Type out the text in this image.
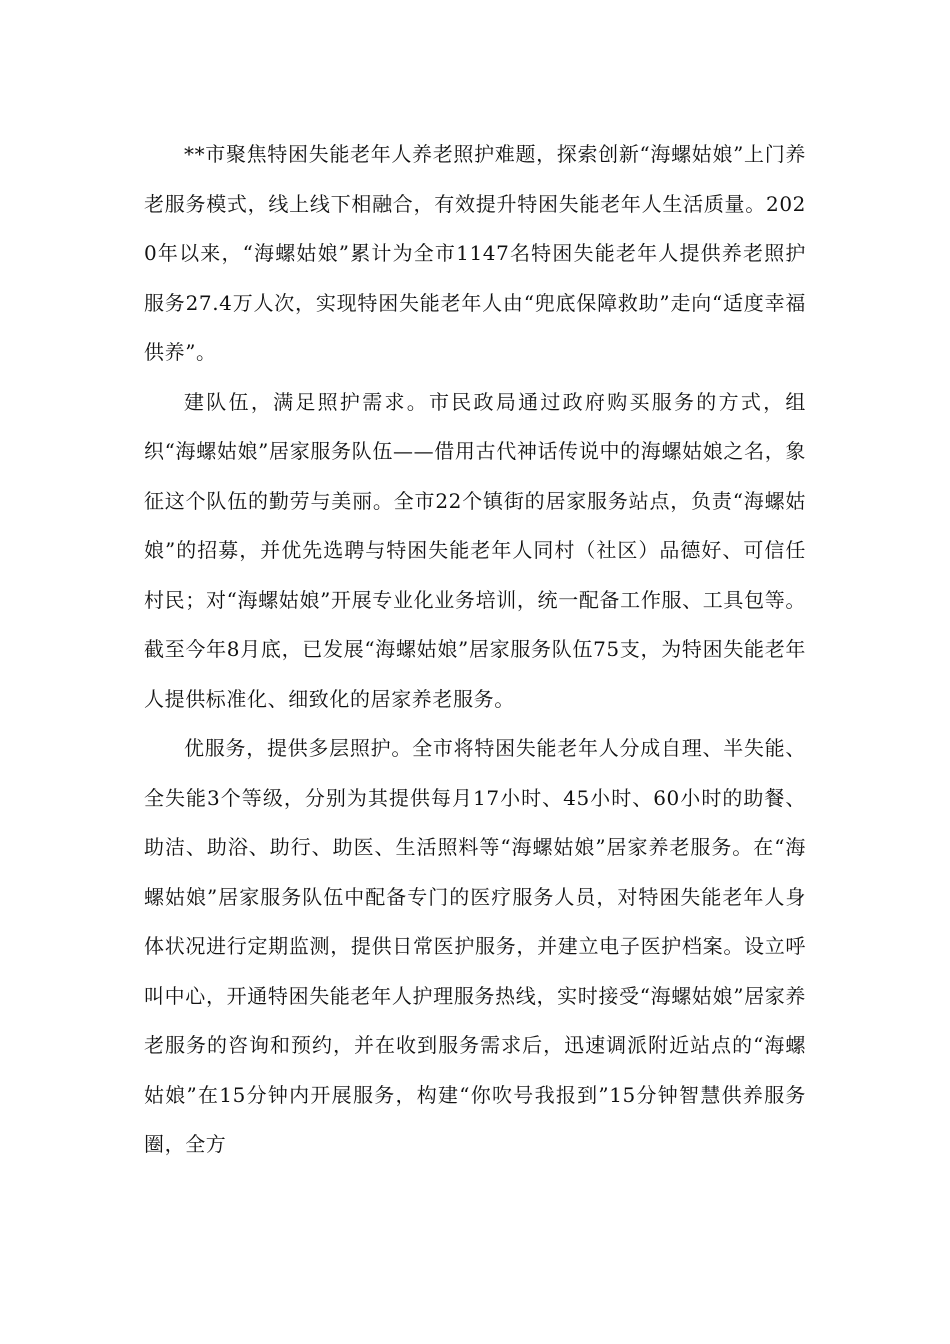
**市聚焦特困失能老年人养老照护难题，探索创新“海螺姑娘”上门养老服务模式，线上线下相融合，有效提升特困失能老年人生活质量。2020年以来，“海螺姑娘”累计为全市1147名特困失能老年人提供养老照护服务27.4万人次，实现特困失能老年人由“兜底保障救助”走向“适度幸福供养”。

建队伍，满足照护需求。市民政局通过政府购买服务的方式，组织“海螺姑娘”居家服务队伍——借用古代神话传说中的海螺姑娘之名，象征这个队伍的勤劳与美丽。全市22个镇街的居家服务站点，负责“海螺姑娘”的招募，并优先选聘与特困失能老年人同村（社区）品德好、可信任村民；对“海螺姑娘”开展专业化业务培训，统一配备工作服、工具包等。截至今年8月底，已发展“海螺姑娘”居家服务队伍75支，为特困失能老年人提供标准化、细致化的居家养老服务。

优服务，提供多层照护。全市将特困失能老年人分成自理、半失能、全失能3个等级，分别为其提供每月17小时、45小时、60小时的助餐、助洁、助浴、助行、助医、生活照料等“海螺姑娘”居家养老服务。在“海螺姑娘”居家服务队伍中配备专门的医疗服务人员，对特困失能老年人身体状况进行定期监测，提供日常医护服务，并建立电子医护档案。设立呼叫中心，开通特困失能老年人护理服务热线，实时接受“海螺姑娘”居家养老服务的咨询和预约，并在收到服务需求后，迅速调派附近站点的“海螺姑娘”在15分钟内开展服务，构建“你吹号我报到”15分钟智慧供养服务圈，全方
